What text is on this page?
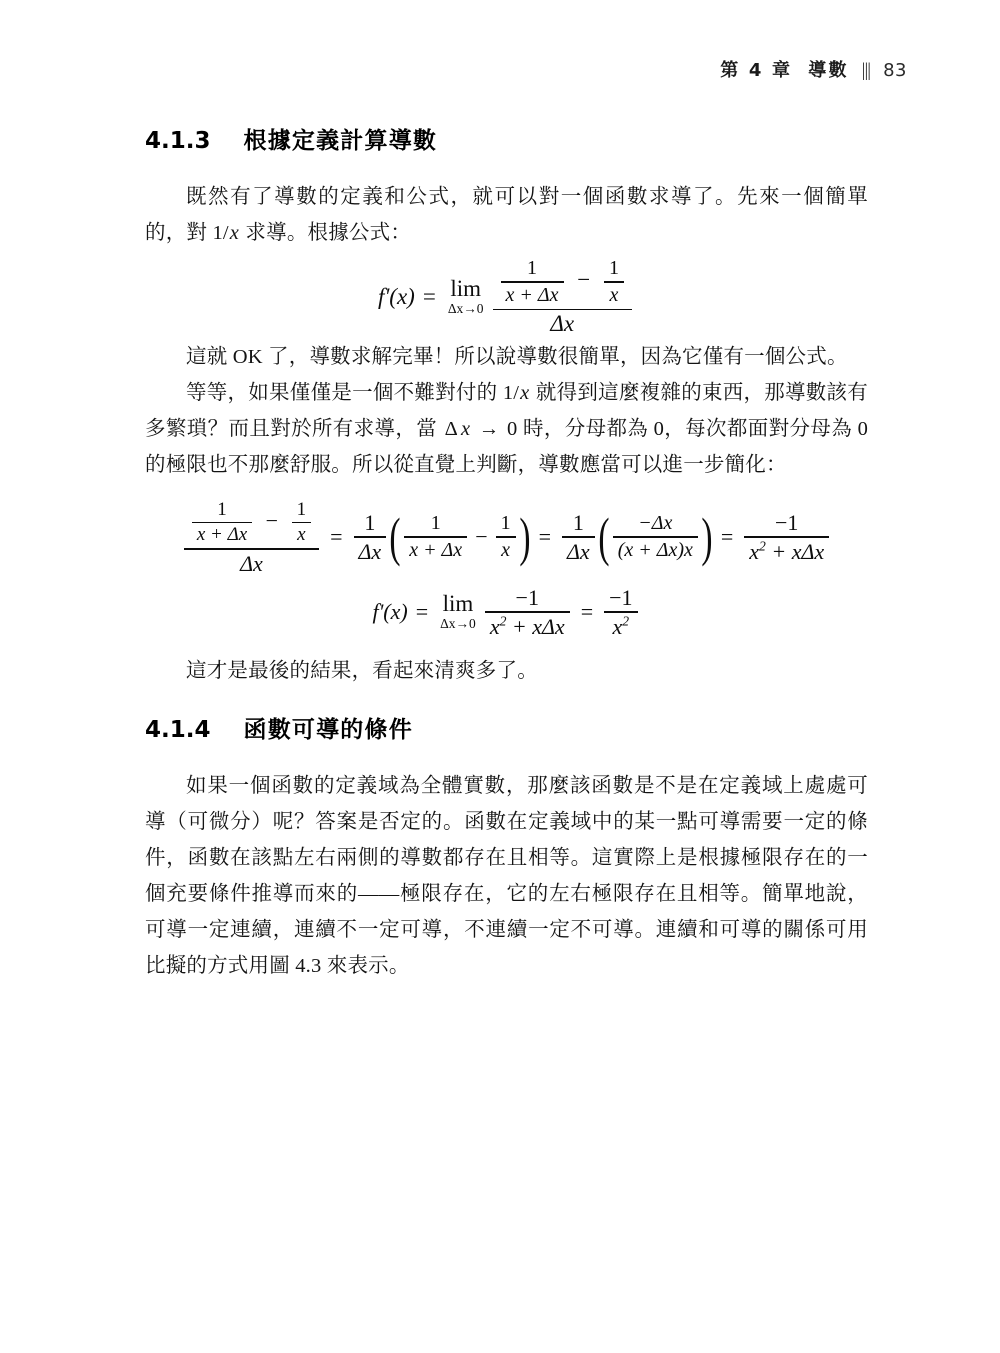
第 4 章 導數 ||| 83
4.1.3 根據定義計算導數

既然有了導數的定義和公式，就可以對一個函數求導了。先來一個簡單的，對 1/x 求導。根據公式：

f'(x) = lim
Δx→0
$\frac{1}{x + \Delta x} - \frac{1}{x}$
Δx

這就 OK 了，導數求解完畢！所以說導數很簡單，因為它僅有一個公式。

等等，如果僅僅是一個不難對付的 1/x 就得到這麼複雜的東西，那導數該有多繁瑣？而且對於所有求導，當 Δ x → 0 時，分母都為 0，每次都面對分母為 0 的極限也不那麼舒服。所以從直覺上判斷，導數應當可以進一步簡化：

$\frac{1}{x + \Delta x} - \frac{1}{x}$
Δx
= $\frac{1}{\Delta x}$ ( $\frac{1}{x + \Delta x} - \frac{1}{x}$ ) = $\frac{1}{\Delta x}$ ( $\frac{-\Delta x}{(x + \Delta x)x}$ ) = $\frac{-1}{x^2 + x\Delta x}$
f'(x) = lim
$\Delta x\to 0 \frac{-1}{x^2 + x\Delta x} = \frac{-1}{x^2}$

這才是最後的結果，看起來清爽多了。

4.1.4 函數可導的條件

如果一個函數的定義域為全體實數，那麼該函數是不是在定義域上處處可導（可微分）呢？答案是否定的。函數在定義域中的某一點可導需要一定的條件，函數在該點左右兩側的導數都存在且相等。這實際上是根據極限存在的一個充要條件推導而來的——極限存在，它的左右極限存在且相等。簡單地說，可導一定連續，連續不一定可導，不連續一定不可導。連續和可導的關係可用比擬的方式用圖 4.3 來表示。
